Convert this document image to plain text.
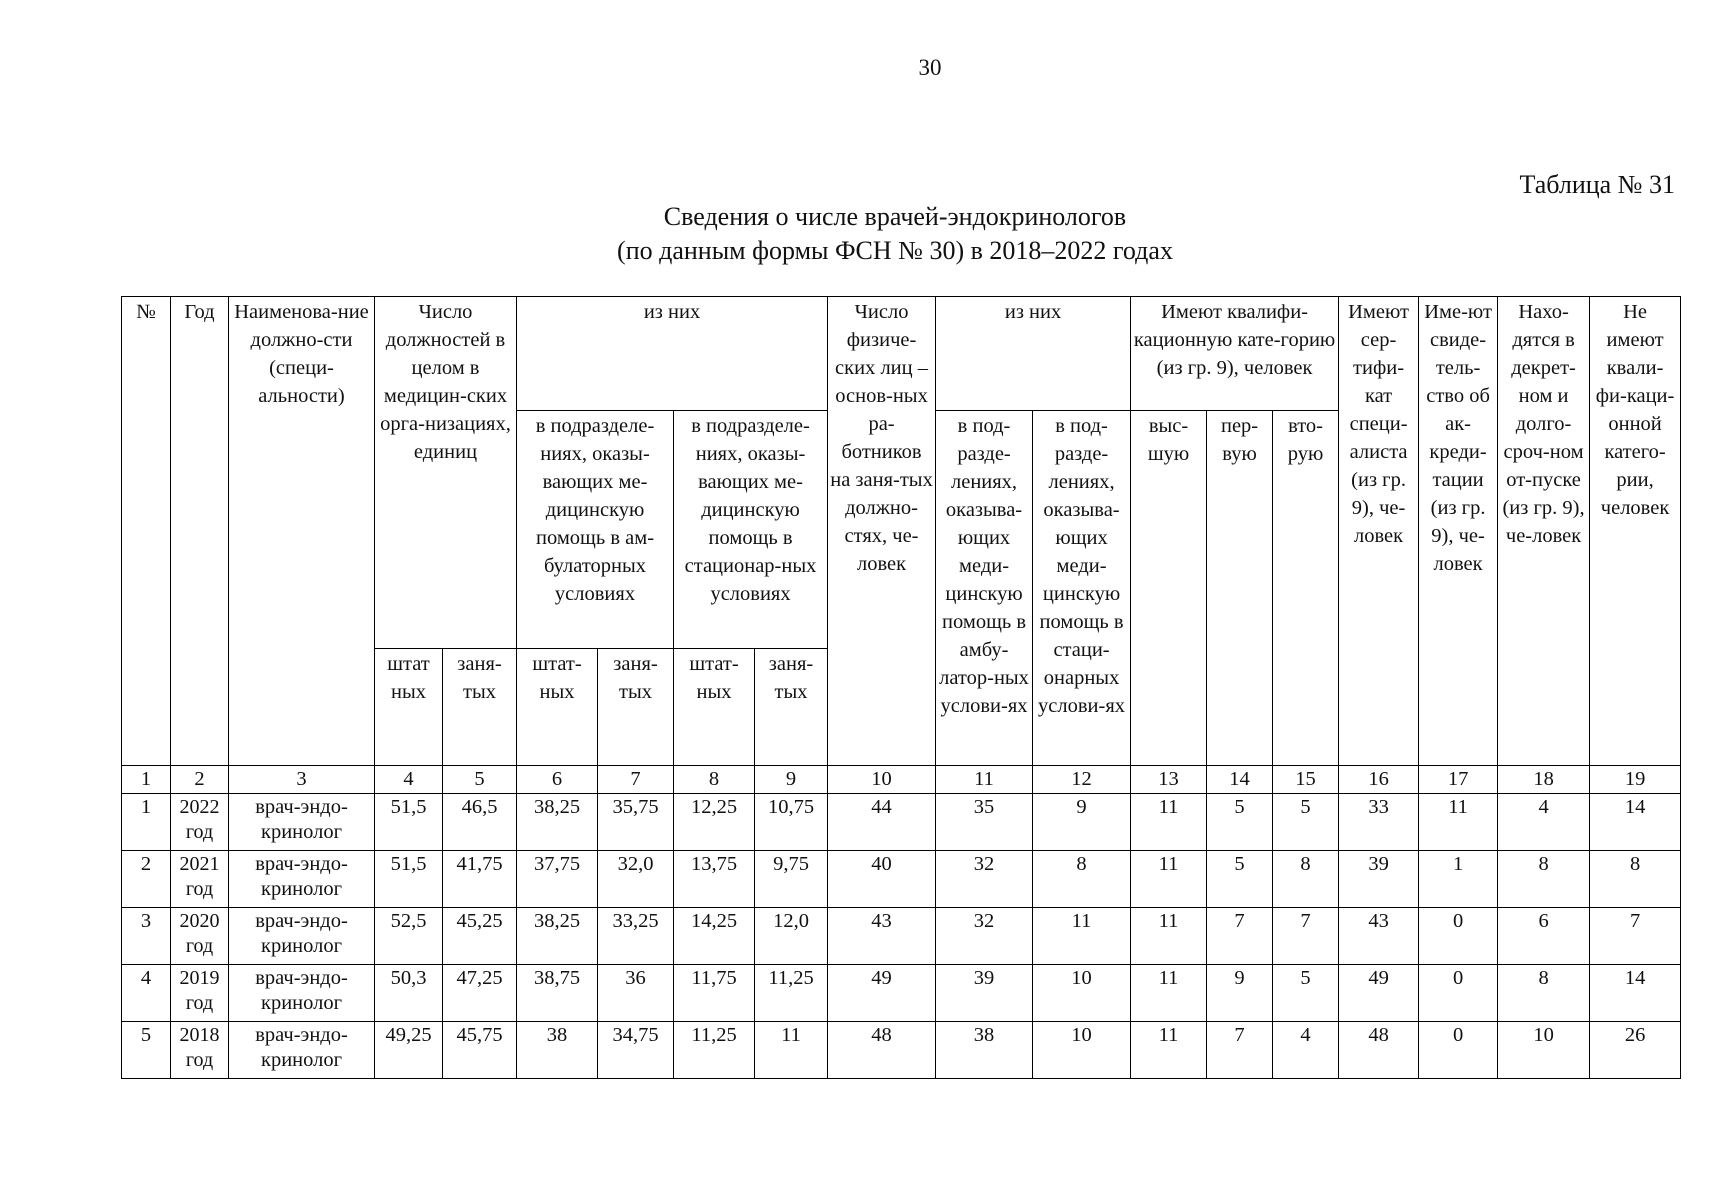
30
Таблица № 31
Сведения о числе врачей-эндокринологов
(по данным формы ФСН № 30) в 2018–2022 годах
№	Год	Наименова-ние должно-сти (специ-альности)	Число должностей в целом в медицин-ских орга-низациях, единиц		из них				Число физиче-ских лиц – основ-ных ра-ботников на заня-тых должно-стях, че-ловек	из них		Имеют квалифи-кационную кате-горию (из гр. 9), человек			Имеют сер-тифи-кат специ-алиста (из гр. 9), че-ловек	Име-ют свиде-тель-ство об ак-креди-тации (из гр. 9), че-ловек	Нахо-дятся в декрет-ном и долго-сроч-ном от-пуске (из гр. 9), че-ловек	Не имеют квали-фи-каци-онной катего-рии, человек
					в подразделе-ниях, оказы-вающих ме-дицинскую помощь в ам-булаторных условиях		в подразделе-ниях, оказы-вающих ме-дицинскую помощь в стационар-ных условиях			в под-разде-лениях, оказыва-ющих меди-цинскую помощь в амбу-латор-ных услови-ях	в под-разде-лениях, оказыва-ющих меди-цинскую помощь в стаци-онарных услови-ях	выс-шую	пер-вую	вто-рую				
			штат ных	заня-тых	штат-ных	заня-тых	штат-ных	заня-тых										
1	2	3	4	5	6	7	8	9	10	11	12	13	14	15	16	17	18	19
1	2022 год	врач-эндо-кринолог	51,5	46,5	38,25	35,75	12,25	10,75	44	35	9	11	5	5	33	11	4	14
2	2021 год	врач-эндо-кринолог	51,5	41,75	37,75	32,0	13,75	9,75	40	32	8	11	5	8	39	1	8	8
3	2020 год	врач-эндо-кринолог	52,5	45,25	38,25	33,25	14,25	12,0	43	32	11	11	7	7	43	0	6	7
4	2019 год	врач-эндо-кринолог	50,3	47,25	38,75	36	11,75	11,25	49	39	10	11	9	5	49	0	8	14
5	2018 год	врач-эндо-кринолог	49,25	45,75	38	34,75	11,25	11	48	38	10	11	7	4	48	0	10	26
